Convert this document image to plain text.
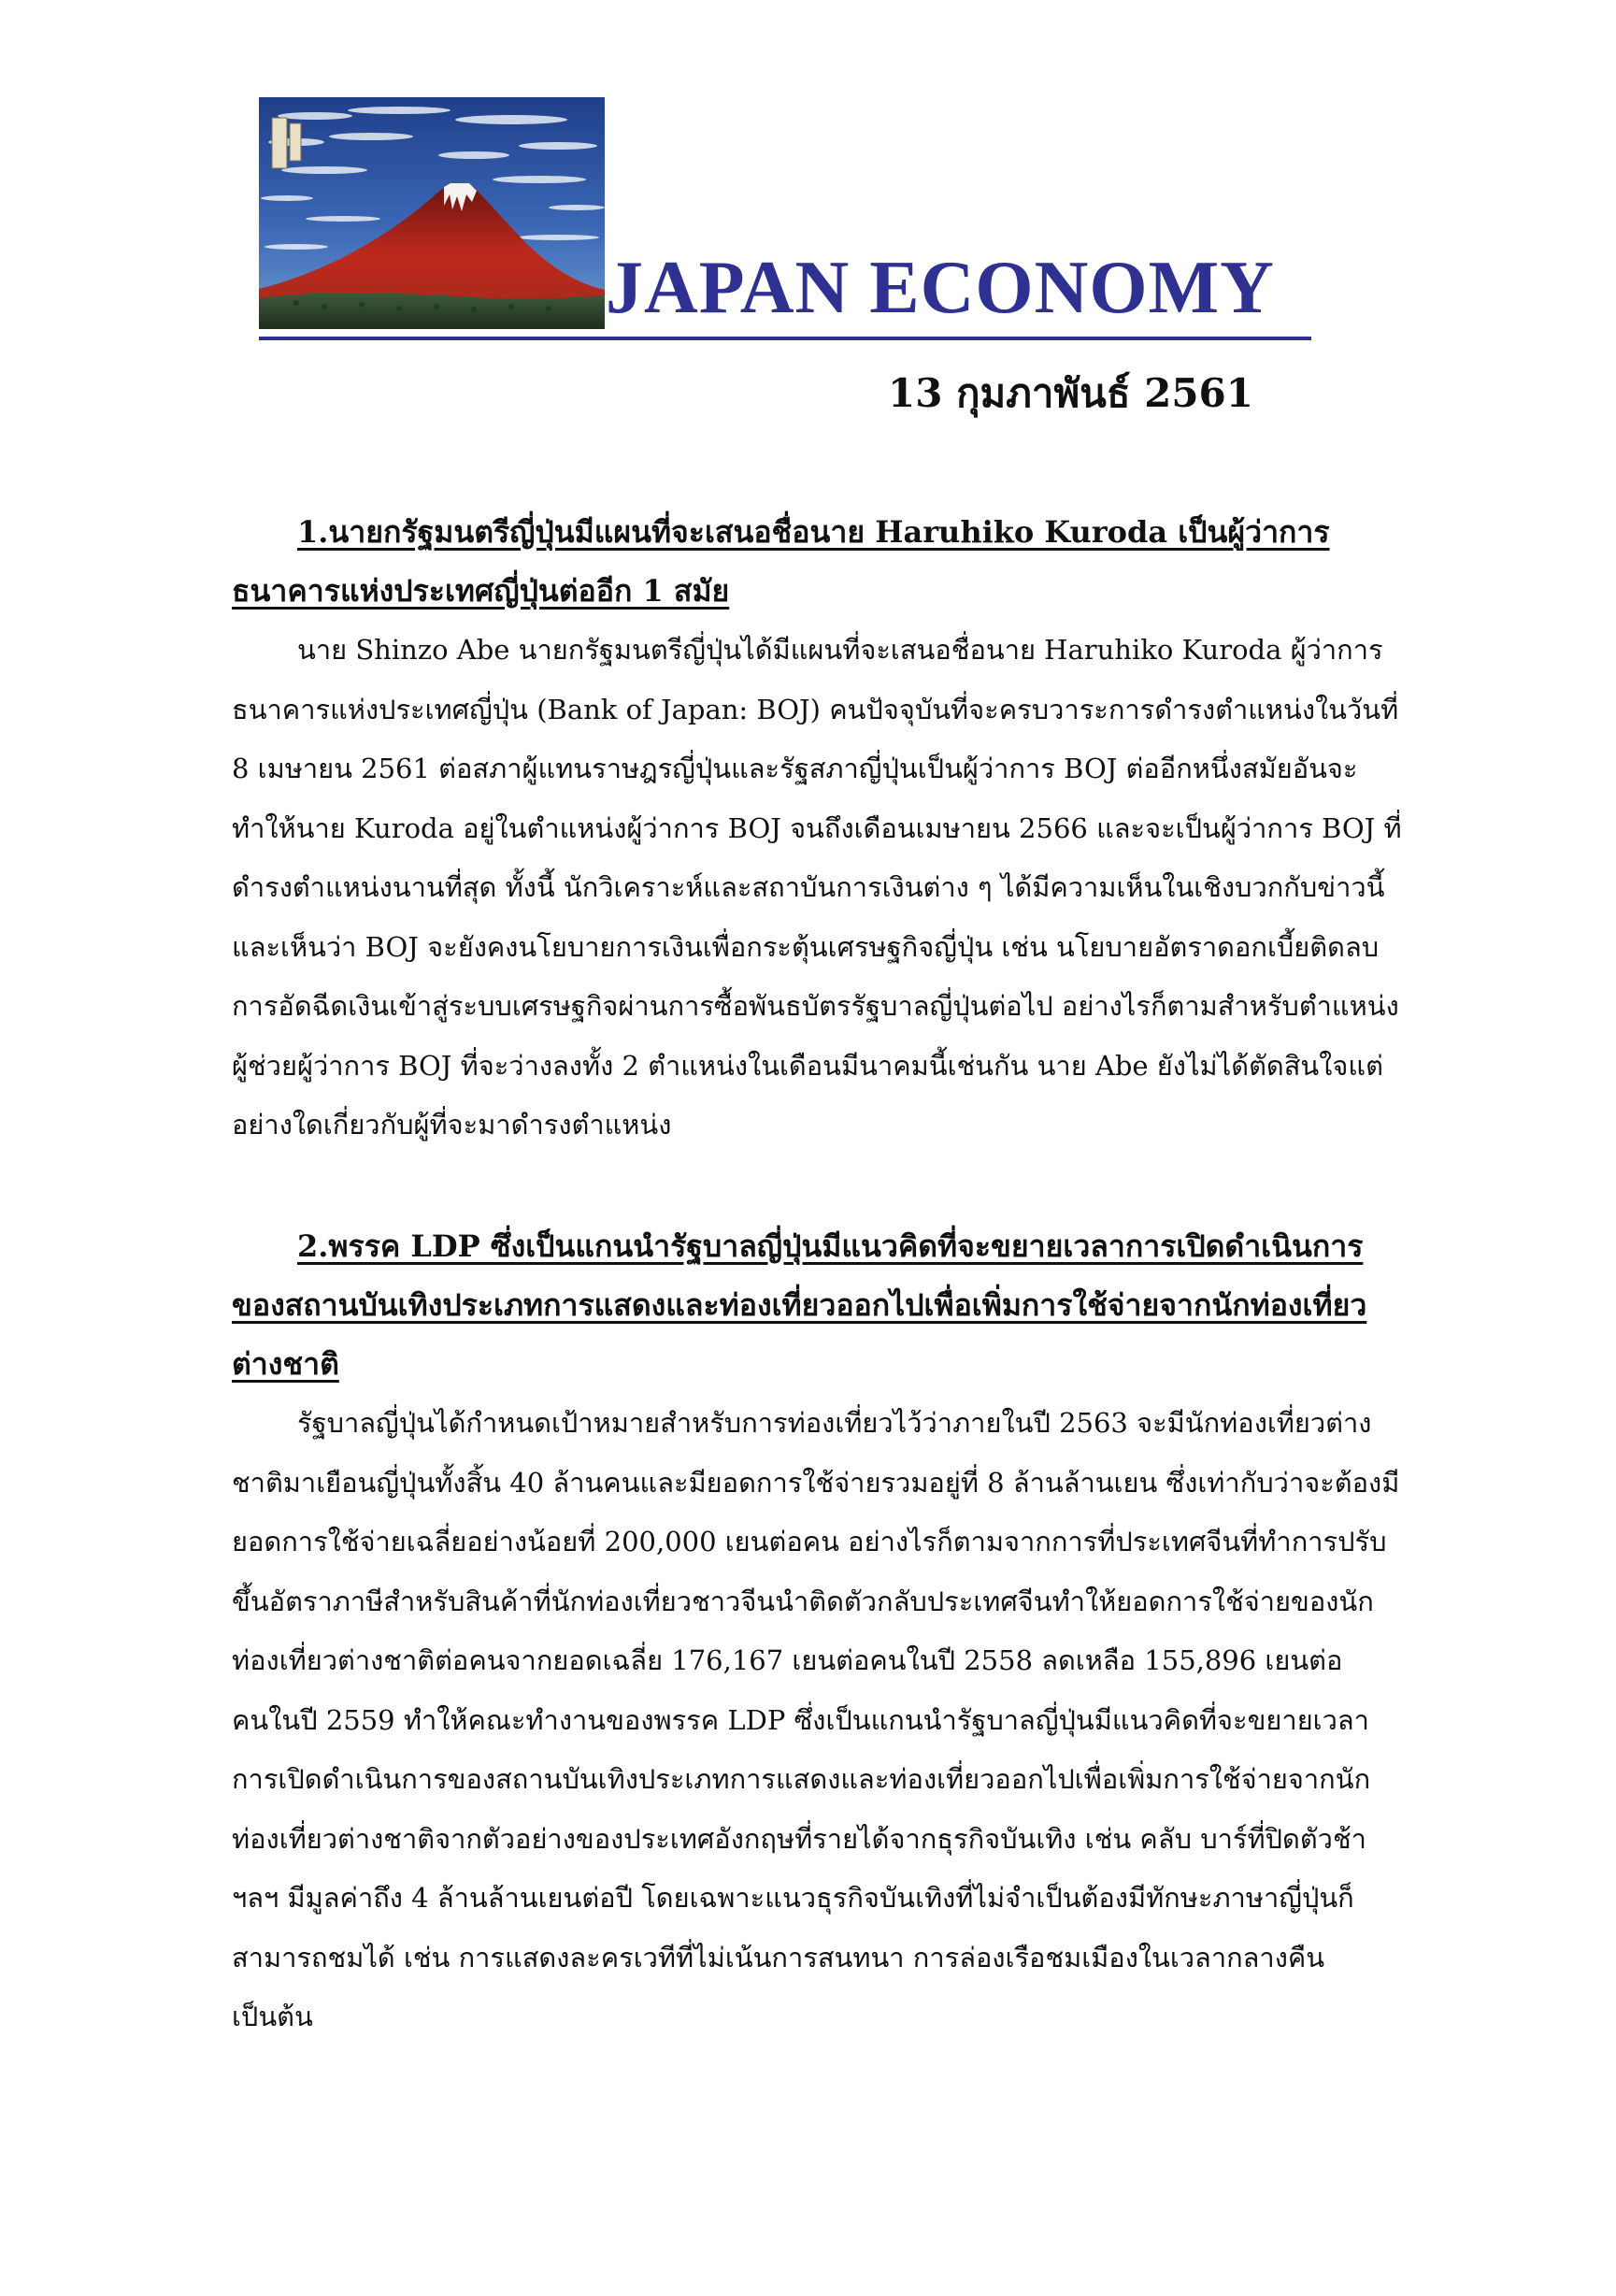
JAPAN ECONOMY
13 กุมภาพันธ์ 2561

1.นายกรัฐมนตรีญี่ปุ่นมีแผนที่จะเสนอชื่อนาย Haruhiko Kuroda เป็นผู้ว่าการธนาคารแห่งประเทศญี่ปุ่นต่ออีก 1 สมัย

นาย Shinzo Abe นายกรัฐมนตรีญี่ปุ่นได้มีแผนที่จะเสนอชื่อนาย Haruhiko Kuroda ผู้ว่าการธนาคารแห่งประเทศญี่ปุ่น (Bank of Japan: BOJ) คนปัจจุบันที่จะครบวาระการดำรงตำแหน่งในวันที่ 8 เมษายน 2561 ต่อสภาผู้แทนราษฎรญี่ปุ่นและรัฐสภาญี่ปุ่นเป็นผู้ว่าการ BOJ ต่ออีกหนึ่งสมัยอันจะทำให้นาย Kuroda อยู่ในตำแหน่งผู้ว่าการ BOJ จนถึงเดือนเมษายน 2566 และจะเป็นผู้ว่าการ BOJ ที่ดำรงตำแหน่งนานที่สุด ทั้งนี้ นักวิเคราะห์และสถาบันการเงินต่าง ๆ ได้มีความเห็นในเชิงบวกกับข่าวนี้และเห็นว่า BOJ จะยังคงนโยบายการเงินเพื่อกระตุ้นเศรษฐกิจญี่ปุ่น เช่น นโยบายอัตราดอกเบี้ยติดลบ การอัดฉีดเงินเข้าสู่ระบบเศรษฐกิจผ่านการซื้อพันธบัตรรัฐบาลญี่ปุ่นต่อไป อย่างไรก็ตามสำหรับตำแหน่งผู้ช่วยผู้ว่าการ BOJ ที่จะว่างลงทั้ง 2 ตำแหน่งในเดือนมีนาคมนี้เช่นกัน นาย Abe ยังไม่ได้ตัดสินใจแต่อย่างใดเกี่ยวกับผู้ที่จะมาดำรงตำแหน่ง

2.พรรค LDP ซึ่งเป็นแกนนำรัฐบาลญี่ปุ่นมีแนวคิดที่จะขยายเวลาการเปิดดำเนินการของสถานบันเทิงประเภทการแสดงและท่องเที่ยวออกไปเพื่อเพิ่มการใช้จ่ายจากนักท่องเที่ยวต่างชาติ

รัฐบาลญี่ปุ่นได้กำหนดเป้าหมายสำหรับการท่องเที่ยวไว้ว่าภายในปี 2563 จะมีนักท่องเที่ยวต่างชาติมาเยือนญี่ปุ่นทั้งสิ้น 40 ล้านคนและมียอดการใช้จ่ายรวมอยู่ที่ 8 ล้านล้านเยน ซึ่งเท่ากับว่าจะต้องมียอดการใช้จ่ายเฉลี่ยอย่างน้อยที่ 200,000 เยนต่อคน อย่างไรก็ตามจากการที่ประเทศจีนที่ทำการปรับขึ้นอัตราภาษีสำหรับสินค้าที่นักท่องเที่ยวชาวจีนนำติดตัวกลับประเทศจีนทำให้ยอดการใช้จ่ายของนักท่องเที่ยวต่างชาติต่อคนจากยอดเฉลี่ย 176,167 เยนต่อคนในปี 2558 ลดเหลือ 155,896 เยนต่อคนในปี 2559 ทำให้คณะทำงานของพรรค LDP ซึ่งเป็นแกนนำรัฐบาลญี่ปุ่นมีแนวคิดที่จะขยายเวลาการเปิดดำเนินการของสถานบันเทิงประเภทการแสดงและท่องเที่ยวออกไปเพื่อเพิ่มการใช้จ่ายจากนักท่องเที่ยวต่างชาติจากตัวอย่างของประเทศอังกฤษที่รายได้จากธุรกิจบันเทิง เช่น คลับ บาร์ที่ปิดตัวช้า ฯลฯ มีมูลค่าถึง 4 ล้านล้านเยนต่อปี โดยเฉพาะแนวธุรกิจบันเทิงที่ไม่จำเป็นต้องมีทักษะภาษาญี่ปุ่นก็สามารถชมได้ เช่น การแสดงละครเวทีที่ไม่เน้นการสนทนา การล่องเรือชมเมืองในเวลากลางคืน เป็นต้น
